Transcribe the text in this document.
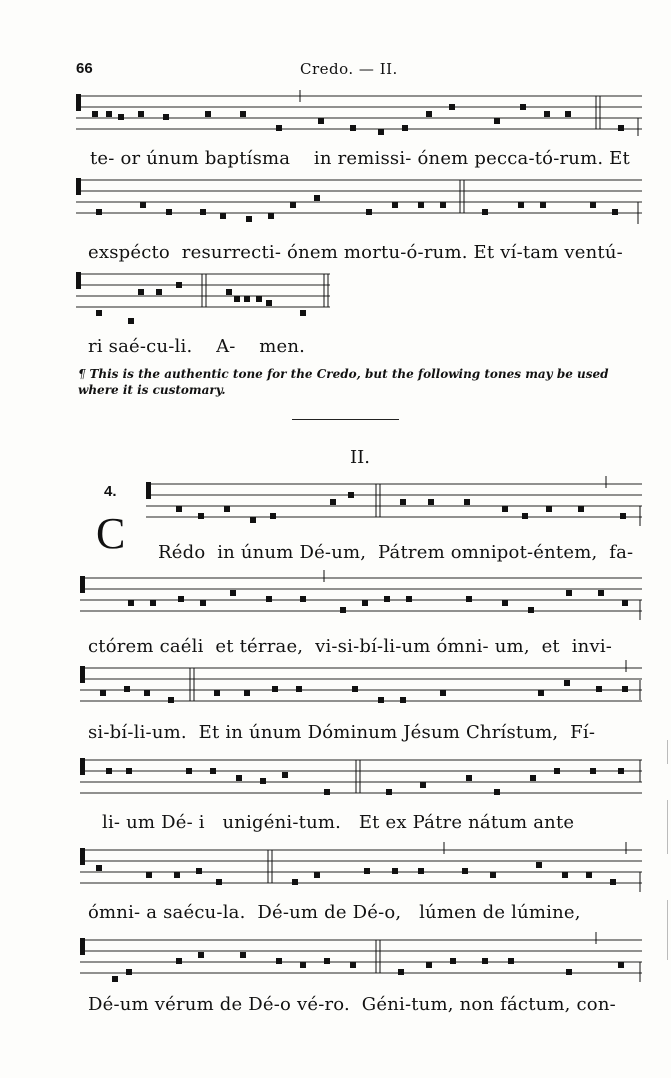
66	Credo. — II.
te- or únum baptísma    in remissi- ónem pecca-tó-rum. Et
exspécto  resurrecti- ónem mortu-ó-rum. Et ví-tam ventú-
ri saé-cu-li.    A-    men.
¶ This is the authentic tone for the Credo, but the following tones may be used where it is customary.
II.
4.
C Rédo  in únum Dé-um,  Pátrem omnipot-éntem,  fa-
ctórem caéli  et térrae,  vi-si-bí-li-um ómni- um,  et  invi-
si-bí-li-um.  Et in únum Dóminum Jésum Chrístum,  Fí-
li- um Dé- i   unigéni-tum.   Et ex Pátre nátum ante
ómni- a saécu-la.  Dé-um de Dé-o,   lúmen de lúmine,
Dé-um vérum de Dé-o vé-ro.  Géni-tum, non fáctum, con-
